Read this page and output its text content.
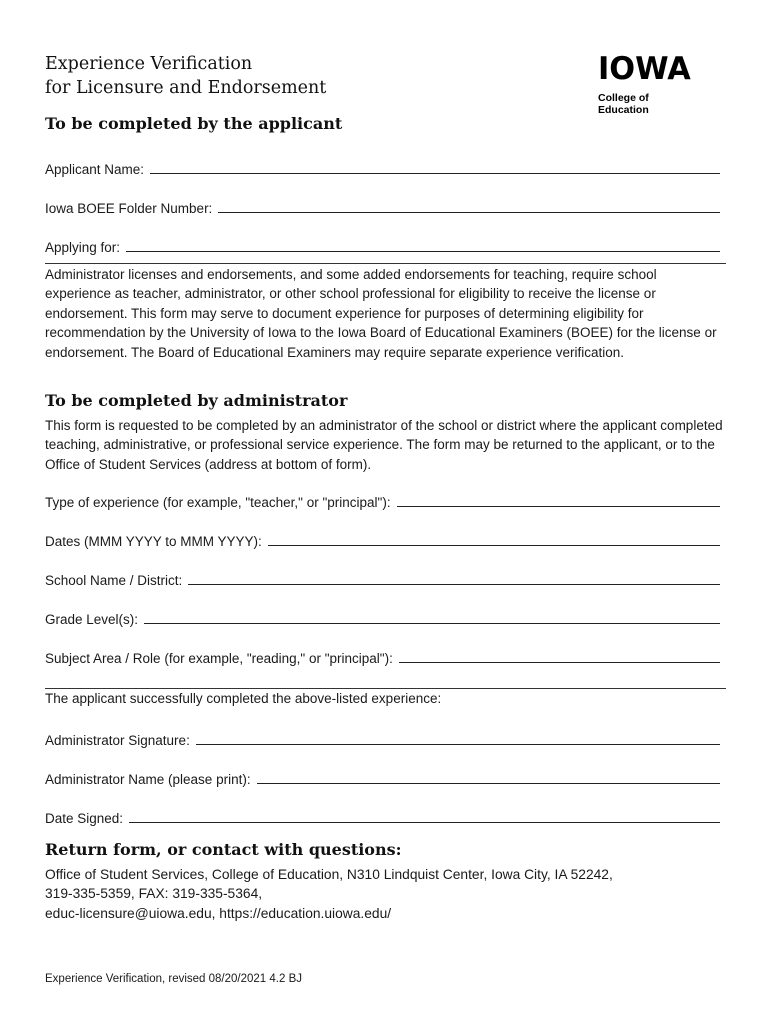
Experience Verification
for Licensure and Endorsement
IOWA
College of Education
To be completed by the applicant
Applicant Name:
Iowa BOEE Folder Number:
Applying for:
Administrator licenses and endorsements, and some added endorsements for teaching, require school experience as teacher, administrator, or other school professional for eligibility to receive the license or endorsement. This form may serve to document experience for purposes of determining eligibility for recommendation by the University of Iowa to the Iowa Board of Educational Examiners (BOEE) for the license or endorsement. The Board of Educational Examiners may require separate experience verification.
To be completed by administrator
This form is requested to be completed by an administrator of the school or district where the applicant completed teaching, administrative, or professional service experience. The form may be returned to the applicant, or to the Office of Student Services (address at bottom of form).
Type of experience (for example, "teacher," or "principal"):
Dates (MMM YYYY to MMM YYYY):
School Name / District:
Grade Level(s):
Subject Area / Role (for example, "reading," or "principal"):
The applicant successfully completed the above-listed experience:
Administrator Signature:
Administrator Name (please print):
Date Signed:
Return form, or contact with questions:
Office of Student Services, College of Education, N310 Lindquist Center, Iowa City, IA 52242,
319-335-5359, FAX: 319-335-5364,
educ-licensure@uiowa.edu, https://education.uiowa.edu/
Experience Verification, revised 08/20/2021 4.2 BJ
